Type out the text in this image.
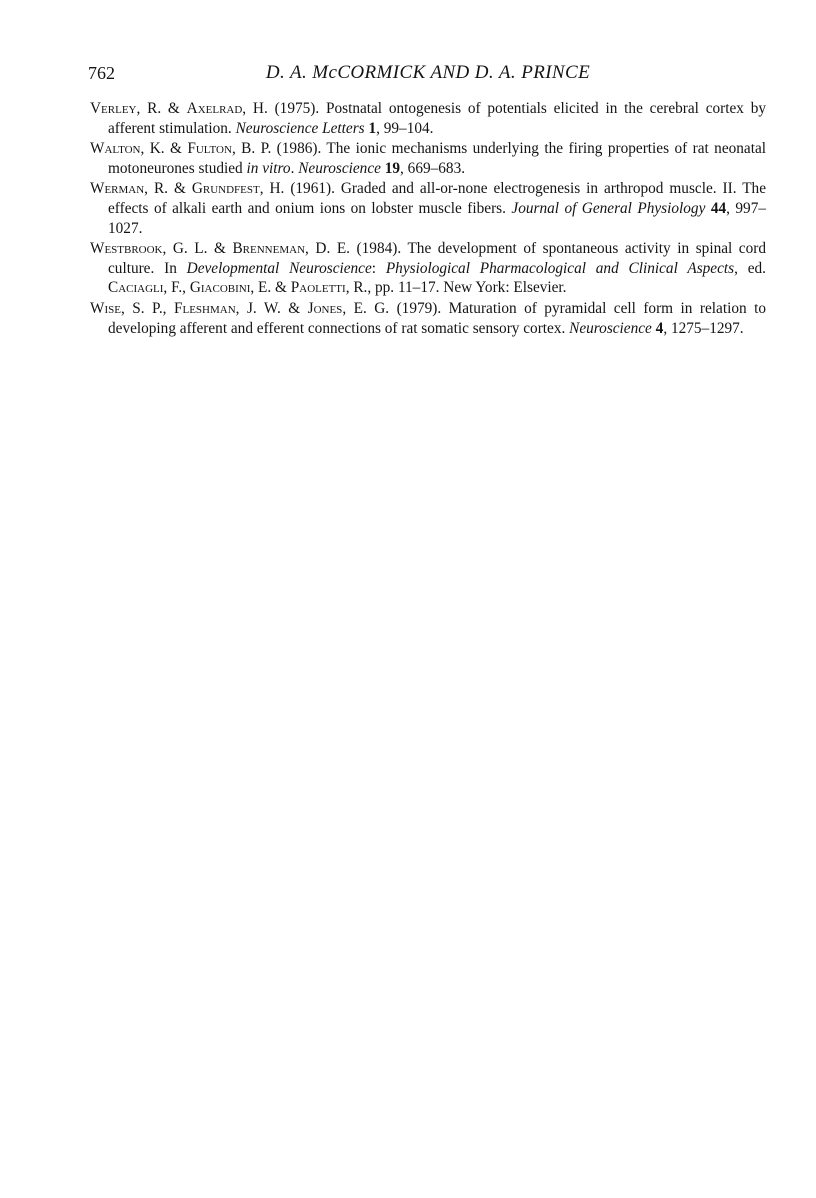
762	D. A. McCORMICK AND D. A. PRINCE

Verley, R. & Axelrad, H. (1975). Postnatal ontogenesis of potentials elicited in the cerebral cortex by afferent stimulation. Neuroscience Letters 1, 99–104.

Walton, K. & Fulton, B. P. (1986). The ionic mechanisms underlying the firing properties of rat neonatal motoneurones studied in vitro. Neuroscience 19, 669–683.

Werman, R. & Grundfest, H. (1961). Graded and all-or-none electrogenesis in arthropod muscle. II. The effects of alkali earth and onium ions on lobster muscle fibers. Journal of General Physiology 44, 997–1027.

Westbrook, G. L. & Brenneman, D. E. (1984). The development of spontaneous activity in spinal cord culture. In Developmental Neuroscience: Physiological Pharmacological and Clinical Aspects, ed. Caciagli, F., Giacobini, E. & Paoletti, R., pp. 11–17. New York: Elsevier.

Wise, S. P., Fleshman, J. W. & Jones, E. G. (1979). Maturation of pyramidal cell form in relation to developing afferent and efferent connections of rat somatic sensory cortex. Neuroscience 4, 1275–1297.
